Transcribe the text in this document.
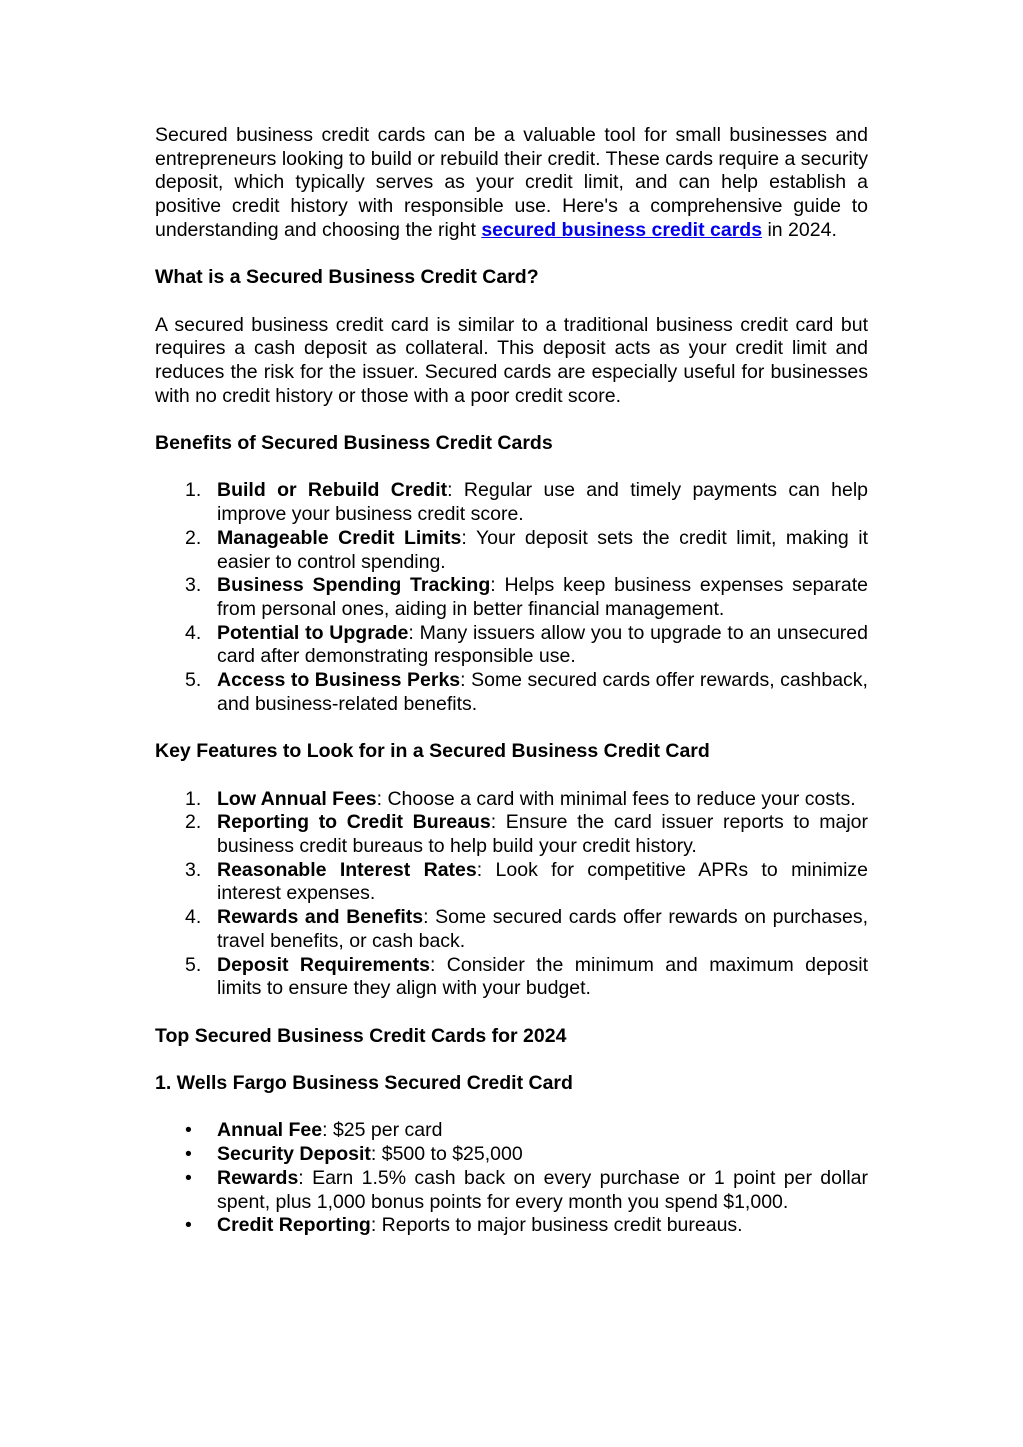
Secured business credit cards can be a valuable tool for small businesses and entrepreneurs looking to build or rebuild their credit. These cards require a security deposit, which typically serves as your credit limit, and can help establish a positive credit history with responsible use. Here's a comprehensive guide to understanding and choosing the right secured business credit cards in 2024.

What is a Secured Business Credit Card?

A secured business credit card is similar to a traditional business credit card but requires a cash deposit as collateral. This deposit acts as your credit limit and reduces the risk for the issuer. Secured cards are especially useful for businesses with no credit history or those with a poor credit score.

Benefits of Secured Business Credit Cards

1. Build or Rebuild Credit: Regular use and timely payments can help improve your business credit score.
2. Manageable Credit Limits: Your deposit sets the credit limit, making it easier to control spending.
3. Business Spending Tracking: Helps keep business expenses separate from personal ones, aiding in better financial management.
4. Potential to Upgrade: Many issuers allow you to upgrade to an unsecured card after demonstrating responsible use.
5. Access to Business Perks: Some secured cards offer rewards, cashback, and business-related benefits.

Key Features to Look for in a Secured Business Credit Card

1. Low Annual Fees: Choose a card with minimal fees to reduce your costs.
2. Reporting to Credit Bureaus: Ensure the card issuer reports to major business credit bureaus to help build your credit history.
3. Reasonable Interest Rates: Look for competitive APRs to minimize interest expenses.
4. Rewards and Benefits: Some secured cards offer rewards on purchases, travel benefits, or cash back.
5. Deposit Requirements: Consider the minimum and maximum deposit limits to ensure they align with your budget.

Top Secured Business Credit Cards for 2024

1. Wells Fargo Business Secured Credit Card

•	Annual Fee: $25 per card
•	Security Deposit: $500 to $25,000
•	Rewards: Earn 1.5% cash back on every purchase or 1 point per dollar spent, plus 1,000 bonus points for every month you spend $1,000.
•	Credit Reporting: Reports to major business credit bureaus.
